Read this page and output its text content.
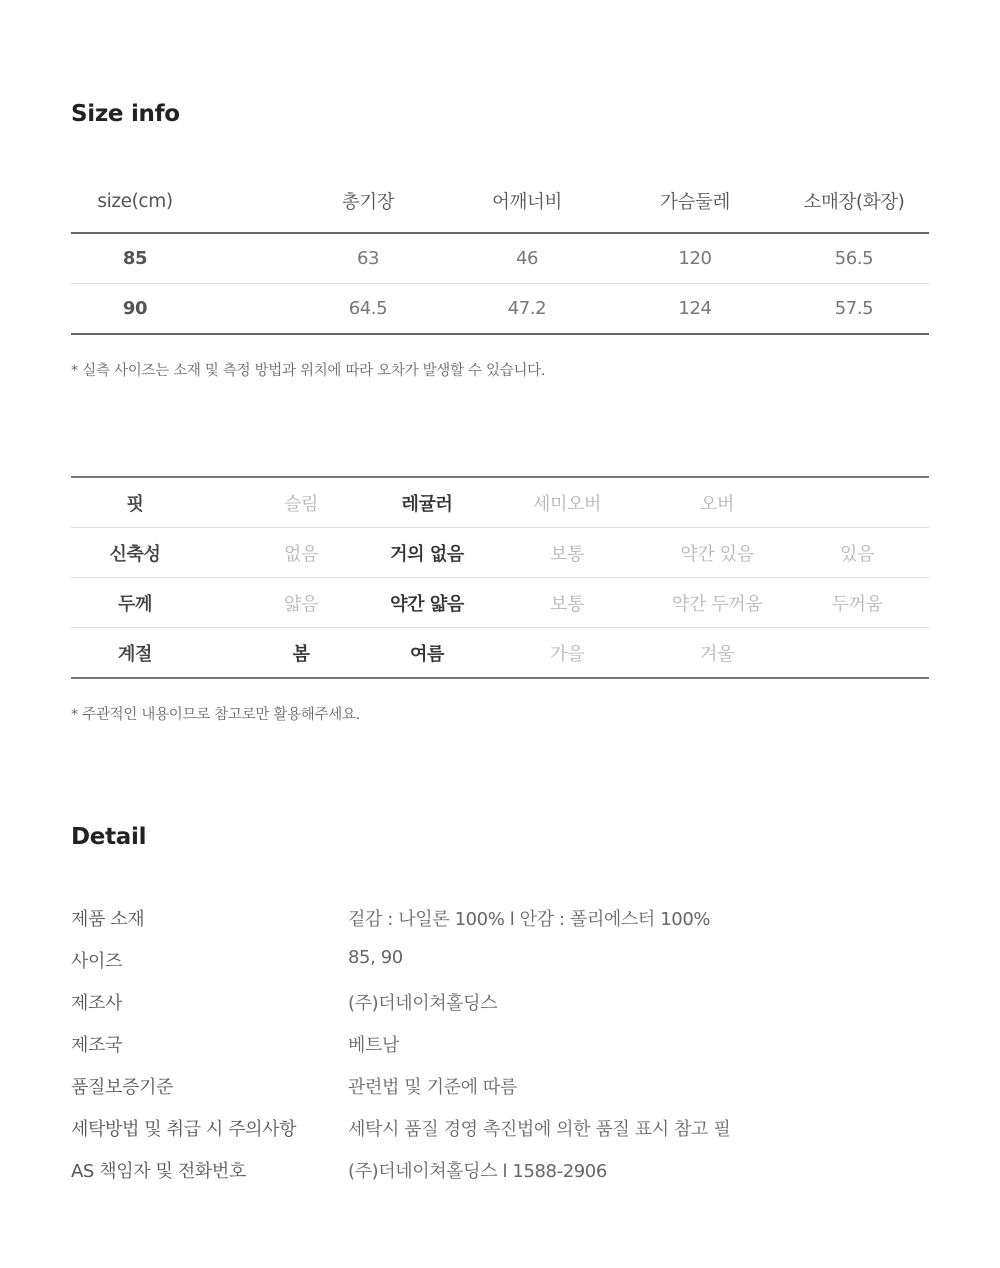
Size info
size(cm)	총기장	어깨너비	가슴둘레	소매장(화장)
85	63	46	120	56.5
90	64.5	47.2	124	57.5
* 실측 사이즈는 소재 및 측정 방법과 위치에 따라 오차가 발생할 수 있습니다.
핏	슬림	레귤러	세미오버	오버
신축성	없음	거의 없음	보통	약간 있음	있음
두께	얇음	약간 얇음	보통	약간 두꺼움	두꺼움
계절	봄	여름	가을	겨울
* 주관적인 내용이므로 참고로만 활용해주세요.
Detail
제품 소재	겉감 : 나일론 100% l 안감 : 폴리에스터 100%
사이즈	85, 90
제조사	(주)더네이쳐홀딩스
제조국	베트남
품질보증기준	관련법 및 기준에 따름
세탁방법 및 취급 시 주의사항	세탁시 품질 경영 촉진법에 의한 품질 표시 참고 필
AS 책임자 및 전화번호	(주)더네이쳐홀딩스 l 1588-2906
